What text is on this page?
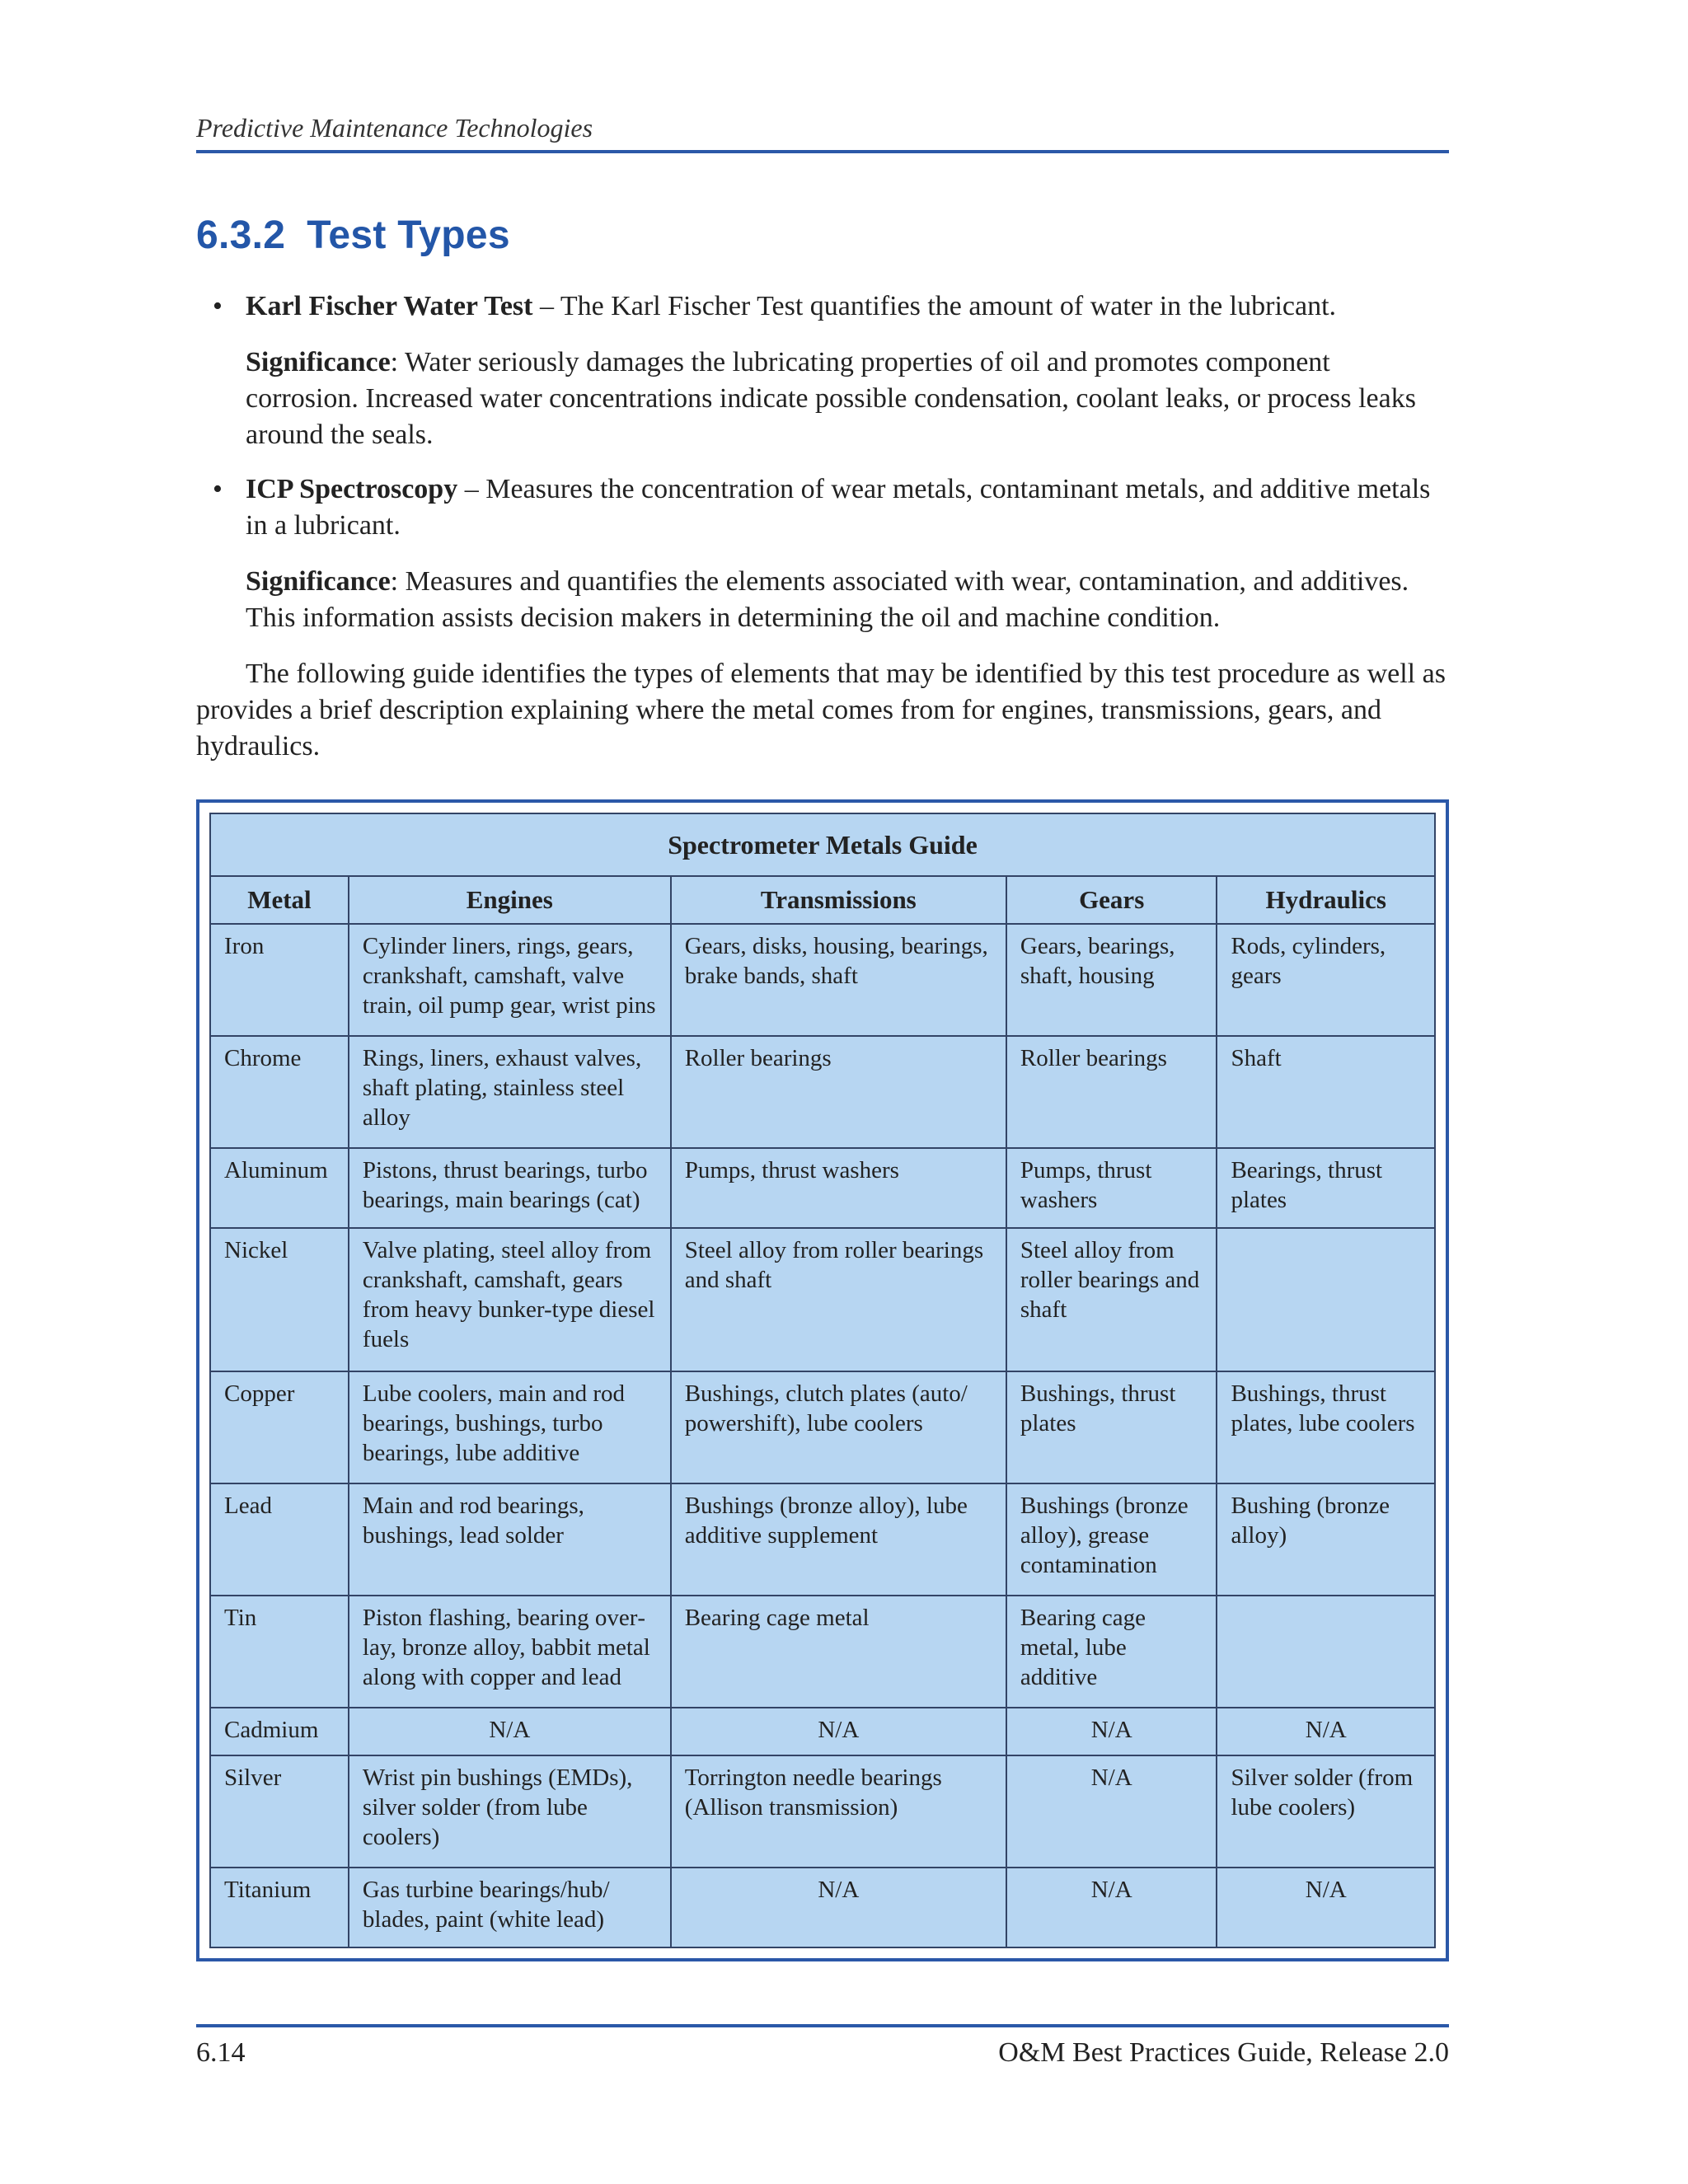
Predictive Maintenance Technologies
6.3.2 Test Types

• Karl Fischer Water Test – The Karl Fischer Test quantifies the amount of water in the lubricant.

Significance: Water seriously damages the lubricating properties of oil and promotes component corrosion. Increased water concentrations indicate possible condensation, coolant leaks, or process leaks around the seals.

• ICP Spectroscopy – Measures the concentration of wear metals, contaminant metals, and additive metals in a lubricant.

Significance: Measures and quantifies the elements associated with wear, contamination, and additives. This information assists decision makers in determining the oil and machine condition.

The following guide identifies the types of elements that may be identified by this test procedure as well as provides a brief description explaining where the metal comes from for engines, transmissions, gears, and hydraulics.

Spectrometer Metals Guide				
Metal	Engines	Transmissions	Gears	Hydraulics
Iron	Cylinder liners, rings, gears, crankshaft, camshaft, valve train, oil pump gear, wrist pins	Gears, disks, housing, bearings, brake bands, shaft	Gears, bearings, shaft, housing	Rods, cylinders, gears
Chrome	Rings, liners, exhaust valves, shaft plating, stainless steel alloy	Roller bearings	Roller bearings	Shaft
Aluminum	Pistons, thrust bearings, turbo bearings, main bearings (cat)	Pumps, thrust washers	Pumps, thrust washers	Bearings, thrust plates
Nickel	Valve plating, steel alloy from crankshaft, camshaft, gears from heavy bunker-type diesel fuels	Steel alloy from roller bearings and shaft	Steel alloy from roller bearings and shaft	
Copper	Lube coolers, main and rod bearings, bushings, turbo bearings, lube additive	Bushings, clutch plates (auto/ powershift), lube coolers	Bushings, thrust plates	Bushings, thrust plates, lube coolers
Lead	Main and rod bearings, bushings, lead solder	Bushings (bronze alloy), lube additive supplement	Bushings (bronze alloy), grease contamination	Bushing (bronze alloy)
Tin	Piston flashing, bearing overlay, bronze alloy, babbit metal along with copper and lead	Bearing cage metal	Bearing cage metal, lube additive	
Cadmium	N/A	N/A	N/A	N/A
Silver	Wrist pin bushings (EMDs), silver solder (from lube coolers)	Torrington needle bearings (Allison transmission)	N/A	Silver solder (from lube coolers)
Titanium	Gas turbine bearings/hub/ blades, paint (white lead)	N/A	N/A	N/A
6.14	O&M Best Practices Guide, Release 2.0
